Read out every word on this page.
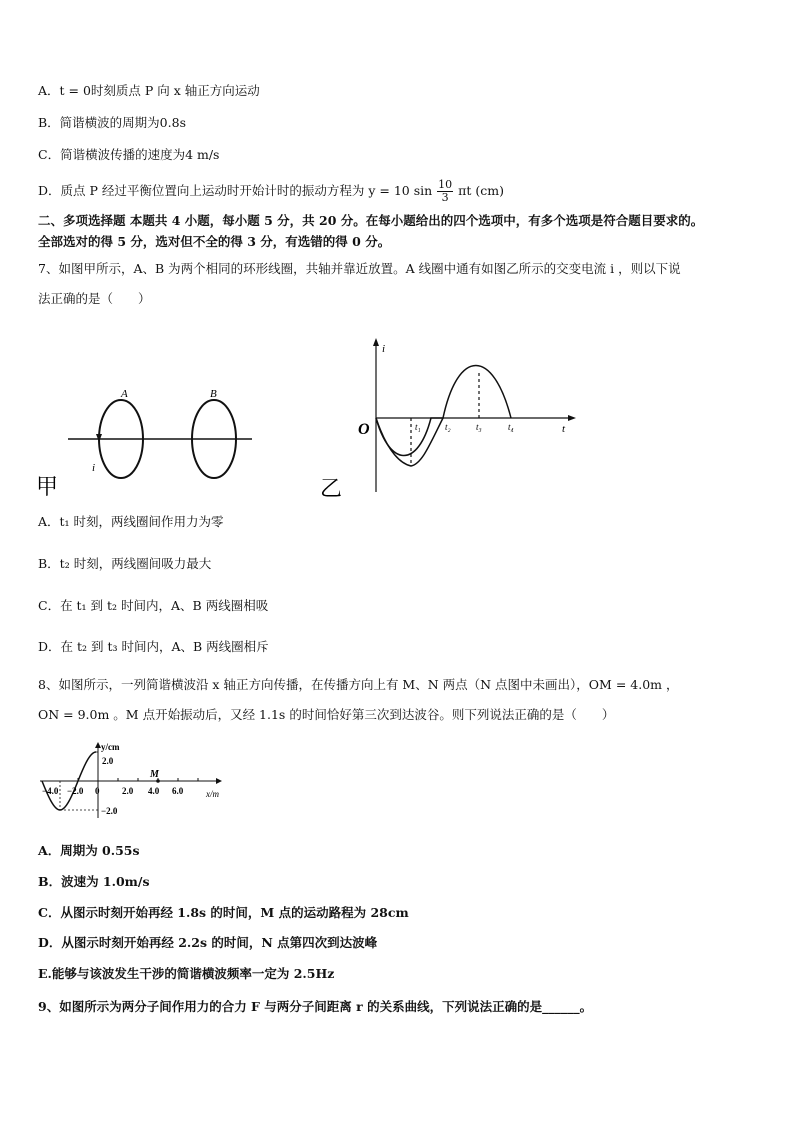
A．t = 0时刻质点 P 向 x 轴正方向运动
B．简谐横波的周期为0.8s
C．简谐横波传播的速度为4 m/s
D．质点 P 经过平衡位置向上运动时开始计时的振动方程为 y = 10 $\sin \frac{10}{3}$ πt (cm)
二、多项选择题 本题共 4 小题，每小题 5 分，共 20 分。在每小题给出的四个选项中，有多个选项是符合题目要求的。
全部选对的得 5 分，选对但不全的得 3 分，有选错的得 0 分。
7、如图甲所示，A、B 为两个相同的环形线圈，共轴并靠近放置。A 线圈中通有如图乙所示的交变电流 i ，则以下说
法正确的是（　　）
A	B
i
甲
i
t
O	t₁	t₂	t₃	t₄
乙
A．t₁ 时刻，两线圈间作用力为零
B．t₂ 时刻，两线圈间吸力最大
C．在 t₁ 到 t₂ 时间内，A、B 两线圈相吸
D．在 t₂ 到 t₃ 时间内，A、B 两线圈相斥
8、如图所示，一列简谐横波沿 x 轴正方向传播，在传播方向上有 M、N 两点（N 点图中未画出），OM = 4.0m ，
ON = 9.0m 。M 点开始振动后，又经 1.1s 的时间恰好第三次到达波谷。则下列说法正确的是（　　）
y/cm
x/m
2.0
−2.0
−4.0 −2.0 0	2.0 4.0 6.0
M
A．周期为 0.55s
B．波速为 1.0m/s
C．从图示时刻开始再经 1.8s 的时间，M 点的运动路程为 28cm
D．从图示时刻开始再经 2.2s 的时间，N 点第四次到达波峰
E.能够与该波发生干涉的简谐横波频率一定为 2.5Hz
9、如图所示为两分子间作用力的合力 F 与两分子间距离 r 的关系曲线，下列说法正确的是______。
